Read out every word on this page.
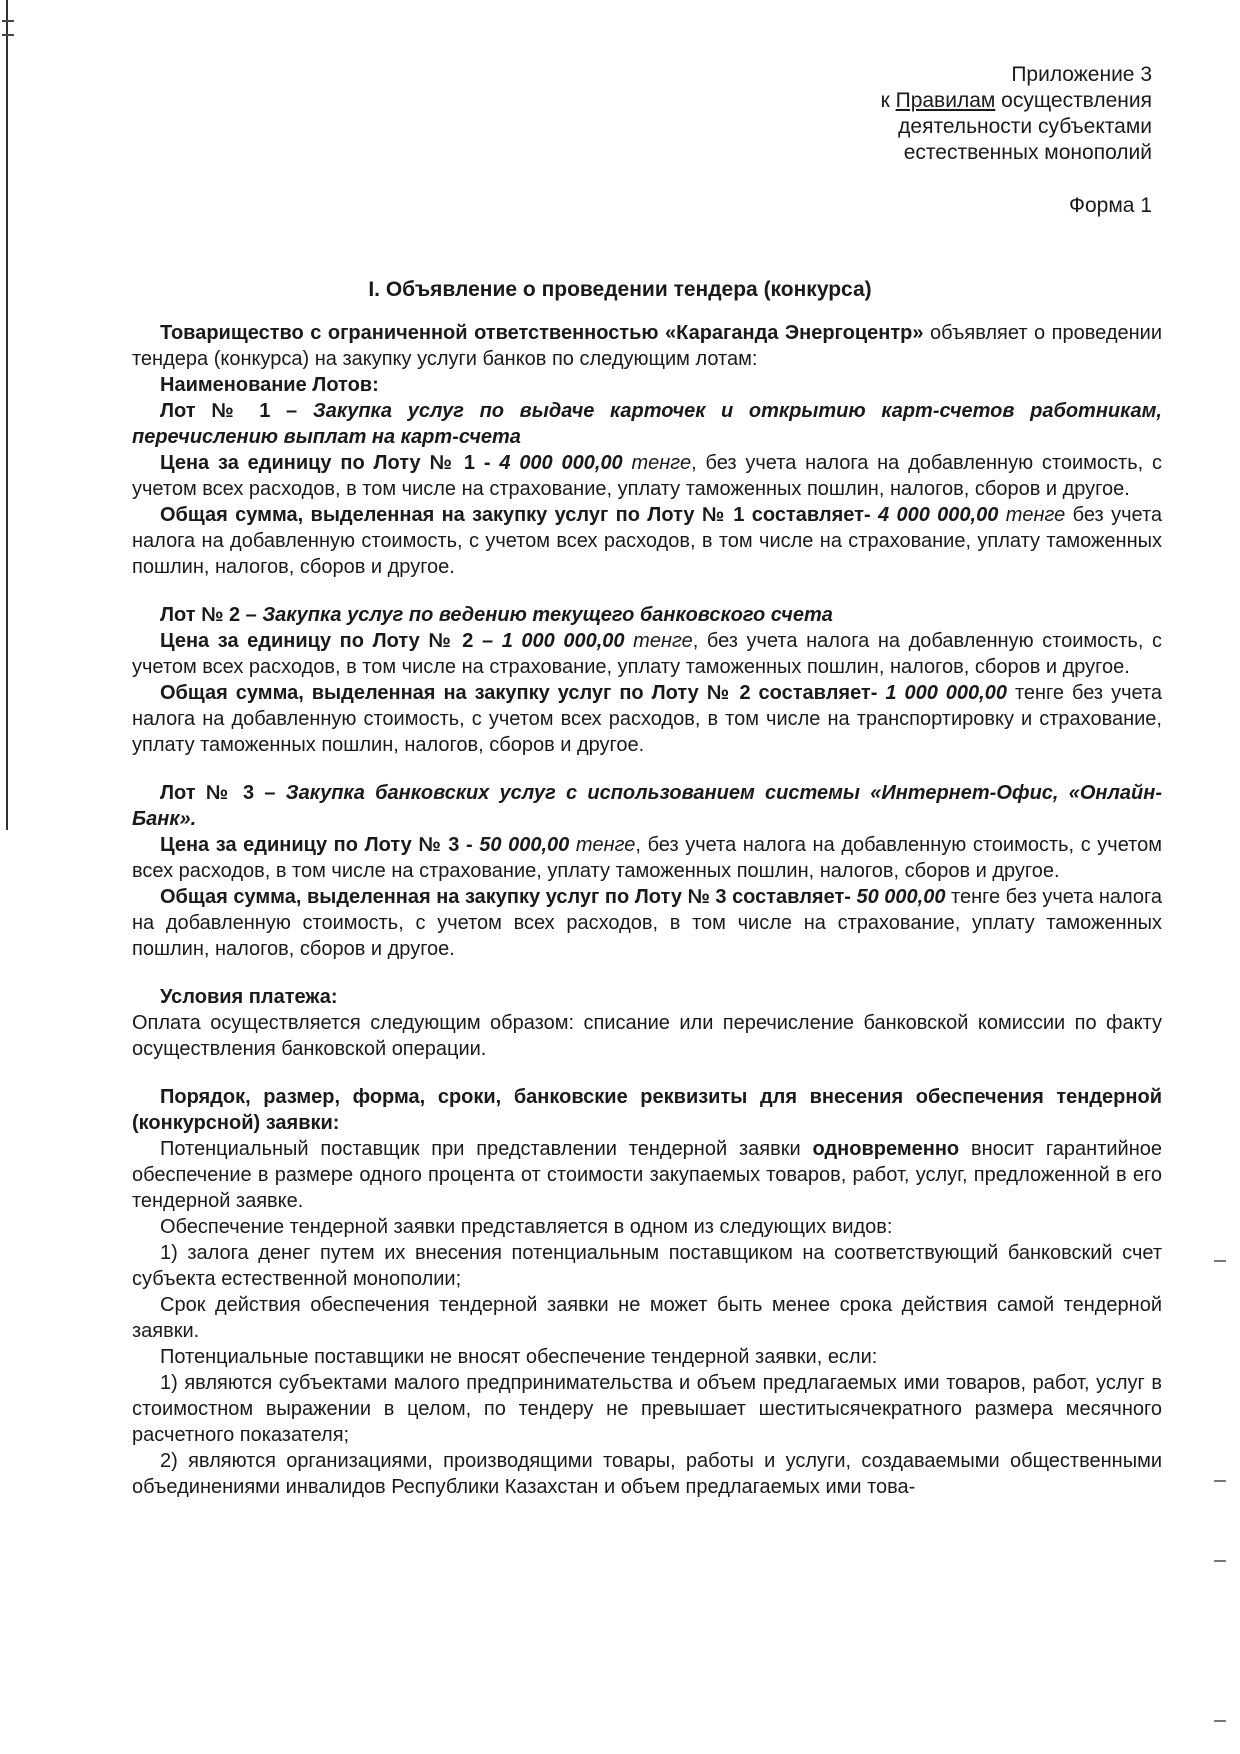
Приложение 3
к Правилам осуществления
деятельности субъектами
естественных монополий
Форма 1
I. Объявление о проведении тендера (конкурса)

Товарищество с ограниченной ответственностью «Караганда Энергоцентр» объявляет о проведении тендера (конкурса) на закупку услуги банков по следующим лотам:

Наименование Лотов:

Лот № 1 – Закупка услуг по выдаче карточек и открытию карт-счетов работникам, перечислению выплат на карт-счета

Цена за единицу по Лоту № 1 - 4 000 000,00 тенге, без учета налога на добавленную стоимость, с учетом всех расходов, в том числе на страхование, уплату таможенных пошлин, налогов, сборов и другое.

Общая сумма, выделенная на закупку услуг по Лоту № 1 составляет- 4 000 000,00 тенге без учета налога на добавленную стоимость, с учетом всех расходов, в том числе на страхование, уплату таможенных пошлин, налогов, сборов и другое.

Лот № 2 – Закупка услуг по ведению текущего банковского счета

Цена за единицу по Лоту № 2 – 1 000 000,00 тенге, без учета налога на добавленную стоимость, с учетом всех расходов, в том числе на страхование, уплату таможенных пошлин, налогов, сборов и другое.

Общая сумма, выделенная на закупку услуг по Лоту № 2 составляет- 1 000 000,00 тенге без учета налога на добавленную стоимость, с учетом всех расходов, в том числе на транспортировку и страхование, уплату таможенных пошлин, налогов, сборов и другое.

Лот № 3 – Закупка банковских услуг с использованием системы «Интернет-Офис, «Онлайн-Банк».

Цена за единицу по Лоту № 3 - 50 000,00 тенге, без учета налога на добавленную стоимость, с учетом всех расходов, в том числе на страхование, уплату таможенных пошлин, налогов, сборов и другое.

Общая сумма, выделенная на закупку услуг по Лоту № 3 составляет- 50 000,00 тенге без учета налога на добавленную стоимость, с учетом всех расходов, в том числе на страхование, уплату таможенных пошлин, налогов, сборов и другое.

Условия платежа:

Оплата осуществляется следующим образом: списание или перечисление банковской комиссии по факту осуществления банковской операции.

Порядок, размер, форма, сроки, банковские реквизиты для внесения обеспечения тендерной (конкурсной) заявки:

Потенциальный поставщик при представлении тендерной заявки одновременно вносит гарантийное обеспечение в размере одного процента от стоимости закупаемых товаров, работ, услуг, предложенной в его тендерной заявке.

Обеспечение тендерной заявки представляется в одном из следующих видов:

1) залога денег путем их внесения потенциальным поставщиком на соответствующий банковский счет субъекта естественной монополии;

Срок действия обеспечения тендерной заявки не может быть менее срока действия самой тендерной заявки.

Потенциальные поставщики не вносят обеспечение тендерной заявки, если:

1) являются субъектами малого предпринимательства и объем предлагаемых ими товаров, работ, услуг в стоимостном выражении в целом, по тендеру не превышает шеститысячекратного размера месячного расчетного показателя;

2) являются организациями, производящими товары, работы и услуги, создаваемыми общественными объединениями инвалидов Республики Казахстан и объем предлагаемых ими това-
